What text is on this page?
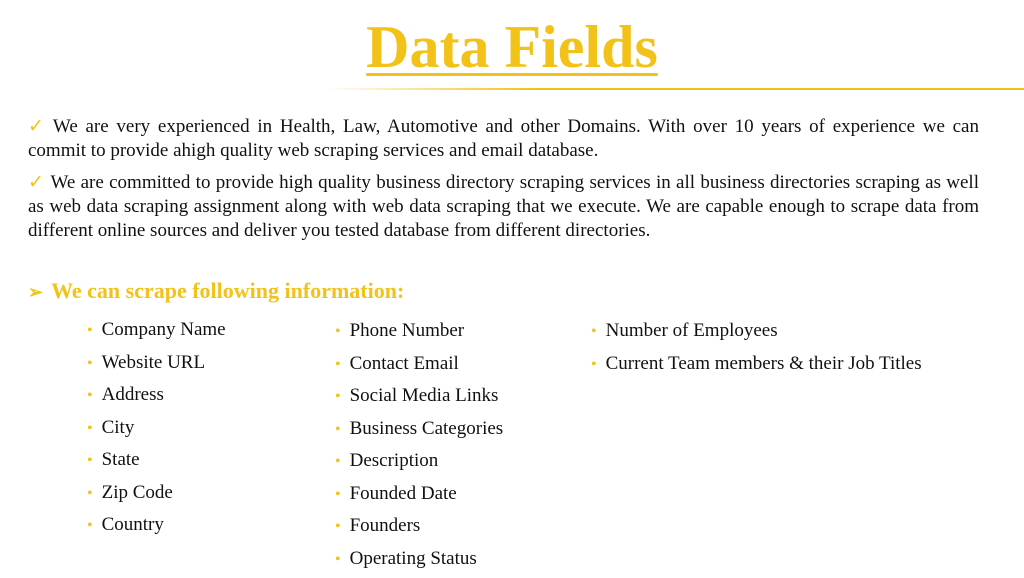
Data Fields
✓ We are very experienced in Health, Law, Automotive and other Domains. With over 10 years of experience we can commit to provide ahigh quality web scraping services and email database.
✓ We are committed to provide high quality business directory scraping services in all business directories scraping as well as web data scraping assignment along with web data scraping that we execute. We are capable enough to scrape data from different online sources and deliver you tested database from different directories.
➢ We can scrape following information:
• Company Name
• Website URL
• Address
• City
• State
• Zip Code
• Country
• Phone Number
• Contact Email
• Social Media Links
• Business Categories
• Description
• Founded Date
• Founders
• Operating Status
• Number of Employees
• Current Team members & their Job Titles
